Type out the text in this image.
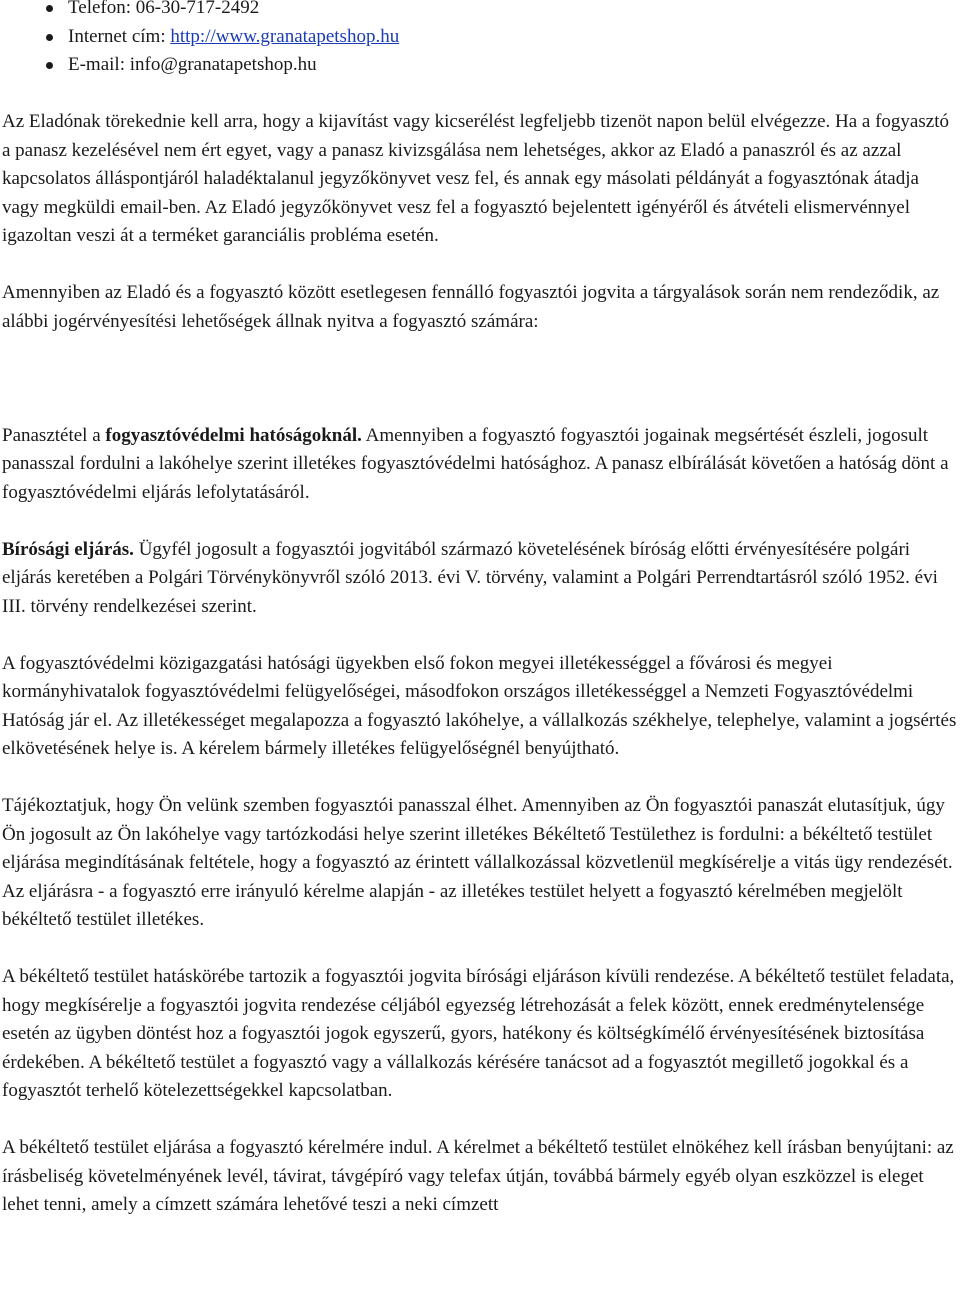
Telefon: 06-30-717-2492
Internet cím: http://www.granatapetshop.hu
E-mail: info@granatapetshop.hu

Az Eladónak törekednie kell arra, hogy a kijavítást vagy kicserélést legfeljebb tizenöt napon belül elvégezze. Ha a fogyasztó a panasz kezelésével nem ért egyet, vagy a panasz kivizsgálása nem lehetséges, akkor az Eladó a panaszról és az azzal kapcsolatos álláspontjáról haladéktalanul jegyzőkönyvet vesz fel, és annak egy másolati példányát a fogyasztónak átadja vagy megküldi email-ben. Az Eladó jegyzőkönyvet vesz fel a fogyasztó bejelentett igényéről és átvételi elismervénnyel igazoltan veszi át a terméket garanciális probléma esetén.

Amennyiben az Eladó és a fogyasztó között esetlegesen fennálló fogyasztói jogvita a tárgyalások során nem rendeződik, az alábbi jogérvényesítési lehetőségek állnak nyitva a fogyasztó számára:

Panasztétel a fogyasztóvédelmi hatóságoknál. Amennyiben a fogyasztó fogyasztói jogainak megsértését észleli, jogosult panasszal fordulni a lakóhelye szerint illetékes fogyasztóvédelmi hatósághoz. A panasz elbírálását követően a hatóság dönt a fogyasztóvédelmi eljárás lefolytatásáról.

Bírósági eljárás. Ügyfél jogosult a fogyasztói jogvitából származó követelésének bíróság előtti érvényesítésére polgári eljárás keretében a Polgári Törvénykönyvről szóló 2013. évi V. törvény, valamint a Polgári Perrendtartásról szóló 1952. évi III. törvény rendelkezései szerint.

A fogyasztóvédelmi közigazgatási hatósági ügyekben első fokon megyei illetékességgel a fővárosi és megyei kormányhivatalok fogyasztóvédelmi felügyelőségei, másodfokon országos illetékességgel a Nemzeti Fogyasztóvédelmi Hatóság jár el. Az illetékességet megalapozza a fogyasztó lakóhelye, a vállalkozás székhelye, telephelye, valamint a jogsértés elkövetésének helye is. A kérelem bármely illetékes felügyelőségnél benyújtható.

Tájékoztatjuk, hogy Ön velünk szemben fogyasztói panasszal élhet. Amennyiben az Ön fogyasztói panaszát elutasítjuk, úgy Ön jogosult az Ön lakóhelye vagy tartózkodási helye szerint illetékes Békéltető Testülethez is fordulni: a békéltető testület eljárása megindításának feltétele, hogy a fogyasztó az érintett vállalkozással közvetlenül megkísérelje a vitás ügy rendezését. Az eljárásra - a fogyasztó erre irányuló kérelme alapján - az illetékes testület helyett a fogyasztó kérelmében megjelölt békéltető testület illetékes.

A békéltető testület hatáskörébe tartozik a fogyasztói jogvita bírósági eljáráson kívüli rendezése. A békéltető testület feladata, hogy megkísérelje a fogyasztói jogvita rendezése céljából egyezség létrehozását a felek között, ennek eredménytelensége esetén az ügyben döntést hoz a fogyasztói jogok egyszerű, gyors, hatékony és költségkímélő érvényesítésének biztosítása érdekében. A békéltető testület a fogyasztó vagy a vállalkozás kérésére tanácsot ad a fogyasztót megillető jogokkal és a fogyasztót terhelő kötelezettségekkel kapcsolatban.

A békéltető testület eljárása a fogyasztó kérelmére indul. A kérelmet a békéltető testület elnökéhez kell írásban benyújtani: az írásbeliség követelményének levél, távirat, távgépíró vagy telefax útján, továbbá bármely egyéb olyan eszközzel is eleget lehet tenni, amely a címzett számára lehetővé teszi a neki címzett
